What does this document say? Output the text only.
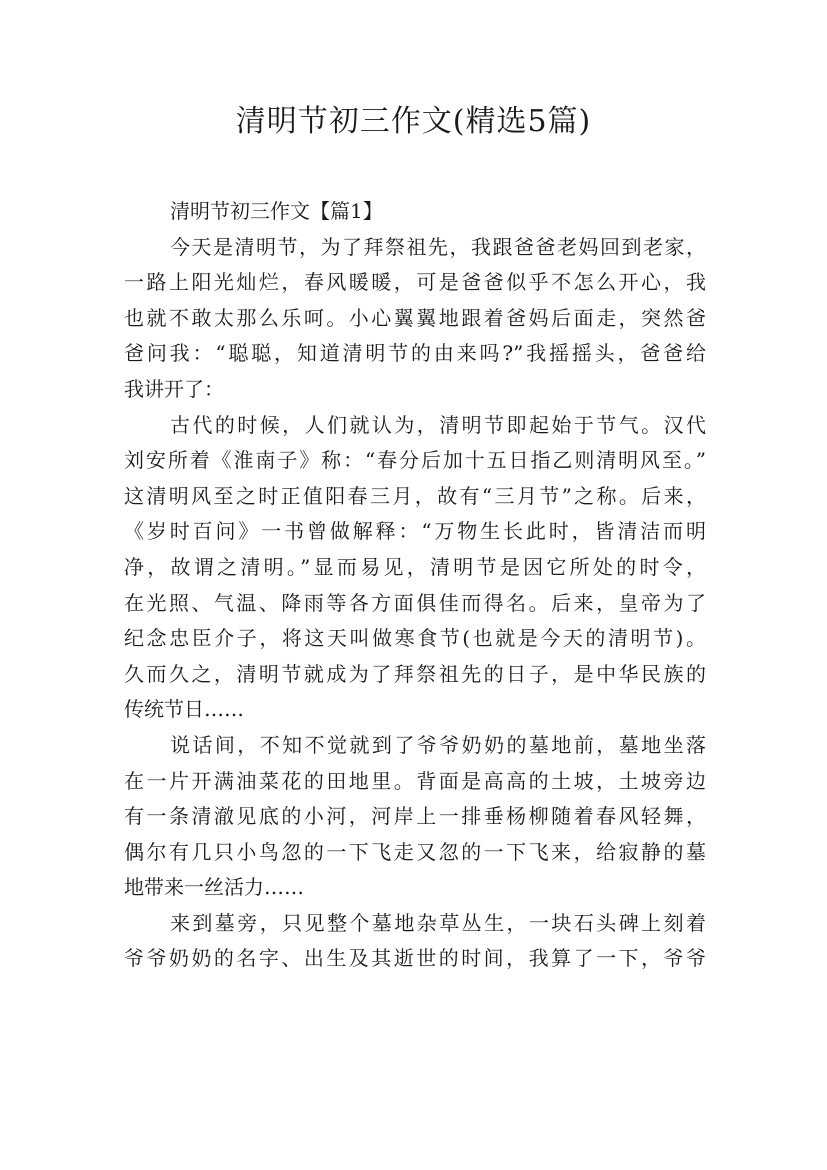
清明节初三作文(精选5篇)
清明节初三作文【篇1】
今天是清明节，为了拜祭祖先，我跟爸爸老妈回到老家，
一路上阳光灿烂，春风暖暖，可是爸爸似乎不怎么开心，我
也就不敢太那么乐呵。小心翼翼地跟着爸妈后面走，突然爸
爸问我：“聪聪，知道清明节的由来吗?”我摇摇头，爸爸给
我讲开了：
古代的时候，人们就认为，清明节即起始于节气。汉代
刘安所着《淮南子》称：“春分后加十五日指乙则清明风至。”
这清明风至之时正值阳春三月，故有“三月节”之称。后来，
《岁时百问》一书曾做解释：“万物生长此时，皆清洁而明
净，故谓之清明。”显而易见，清明节是因它所处的时令，
在光照、气温、降雨等各方面俱佳而得名。后来，皇帝为了
纪念忠臣介子，将这天叫做寒食节(也就是今天的清明节)。
久而久之，清明节就成为了拜祭祖先的日子，是中华民族的
传统节日……
说话间，不知不觉就到了爷爷奶奶的墓地前，墓地坐落
在一片开满油菜花的田地里。背面是高高的土坡，土坡旁边
有一条清澈见底的小河，河岸上一排垂杨柳随着春风轻舞，
偶尔有几只小鸟忽的一下飞走又忽的一下飞来，给寂静的墓
地带来一丝活力……
来到墓旁，只见整个墓地杂草丛生，一块石头碑上刻着
爷爷奶奶的名字、出生及其逝世的时间，我算了一下，爷爷
